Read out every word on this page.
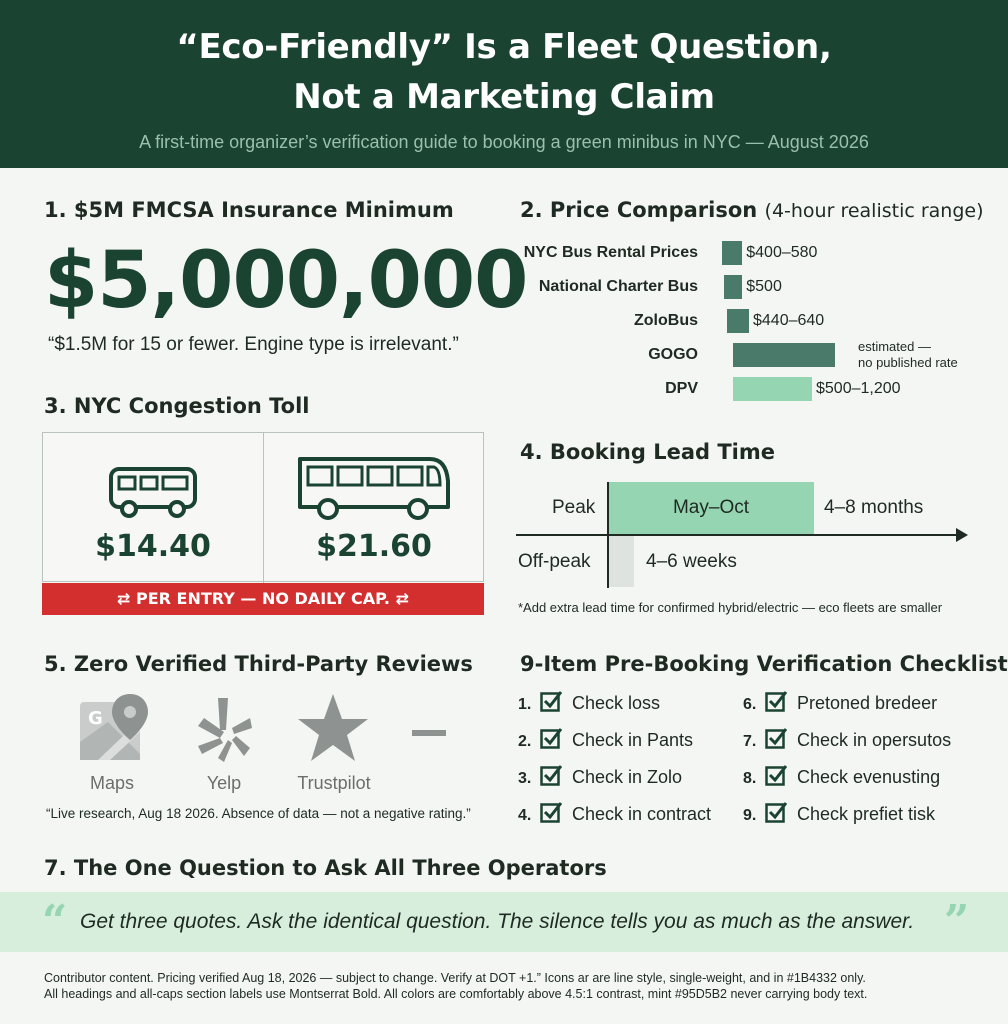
“Eco-Friendly” Is a Fleet Question,
Not a Marketing Claim
A first-time organizer’s verification guide to booking a green minibus in NYC — August 2026
1. $5M FMCSA Insurance Minimum
$5,000,000
“$1.5M for 15 or fewer. Engine type is irrelevant.”
2. Price Comparison (4-hour realistic range)
NYC Bus Rental Prices	$400–580
National Charter Bus	$500
ZoloBus	$440–640
GOGO
DPV	$500–1,200
estimated —
no published rate
3. NYC Congestion Toll
$14.40	$21.60
⇄ PER ENTRY — NO DAILY CAP. ⇄
4. Booking Lead Time
Peak	May–Oct	4–8 months
Off-peak	4–6 weeks
*Add extra lead time for confirmed hybrid/electric — eco fleets are smaller
5. Zero Verified Third-Party Reviews
G
Maps	Yelp	Trustpilot
“Live research, Aug 18 2026. Absence of data — not a negative rating.”
9-Item Pre-Booking Verification Checklist
1. Check loss
2. Check in Pants
3. Check in Zolo
4. Check in contract
6. Pretoned bredeer
7. Check in opersutos
8. Check evenusting
9. Check prefiet tisk
7. The One Question to Ask All Three Operators
“ Get three quotes. Ask the identical question. The silence tells you as much as the answer. ”
Contributor content. Pricing verified Aug 18, 2026 — subject to change. Verify at DOT +1.” Icons ar are line style, single-weight, and in #1B4332 only.
All headings and all-caps section labels use Montserrat Bold. All colors are comfortably above 4.5:1 contrast, mint #95D5B2 never carrying body text.
